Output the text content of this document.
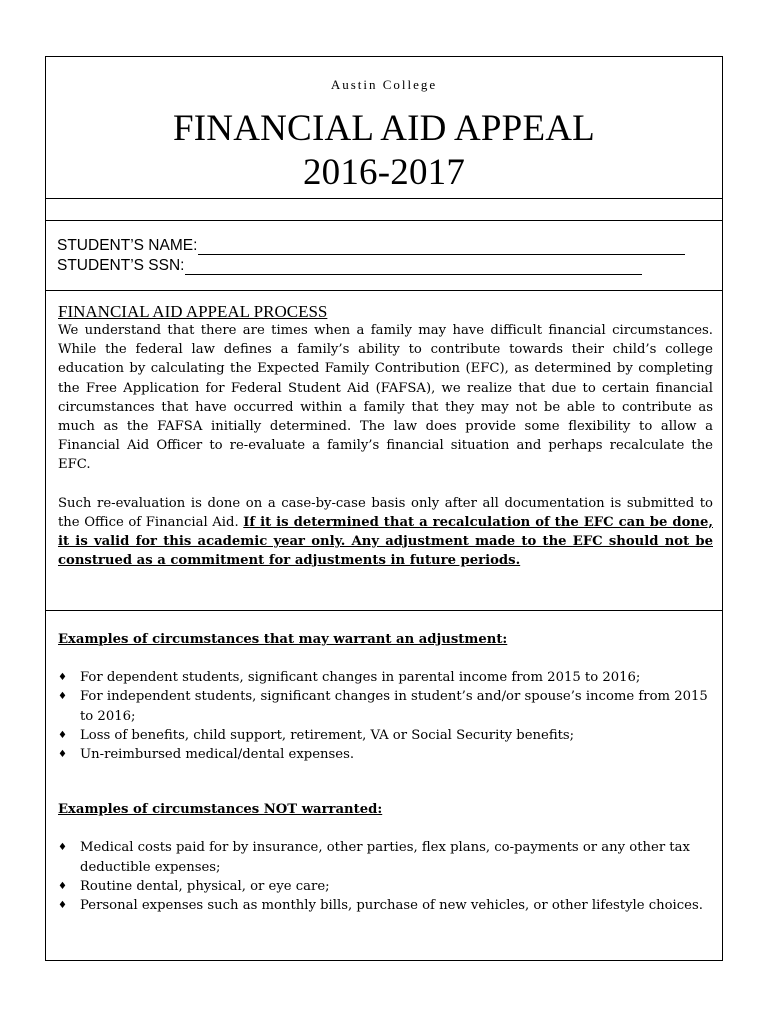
Austin College
FINANCIAL AID APPEAL
2016-2017
STUDENT’S NAME:
STUDENT’S SSN:
FINANCIAL AID APPEAL PROCESS

We understand that there are times when a family may have difficult financial circumstances. While the federal law defines a family’s ability to contribute towards their child’s college education by calculating the Expected Family Contribution (EFC), as determined by completing the Free Application for Federal Student Aid (FAFSA), we realize that due to certain financial circumstances that have occurred within a family that they may not be able to contribute as much as the FAFSA initially determined. The law does provide some flexibility to allow a Financial Aid Officer to re-evaluate a family’s financial situation and perhaps recalculate the EFC.

Such re-evaluation is done on a case-by-case basis only after all documentation is submitted to the Office of Financial Aid. If it is determined that a recalculation of the EFC can be done, it is valid for this academic year only. Any adjustment made to the EFC should not be construed as a commitment for adjustments in future periods.

Examples of circumstances that may warrant an adjustment:

♦ For dependent students, significant changes in parental income from 2015 to 2016;
♦ For independent students, significant changes in student’s and/or spouse’s income from 2015 to 2016;
♦ Loss of benefits, child support, retirement, VA or Social Security benefits;
♦ Un-reimbursed medical/dental expenses.

Examples of circumstances NOT warranted:

♦ Medical costs paid for by insurance, other parties, flex plans, co-payments or any other tax deductible expenses;
♦ Routine dental, physical, or eye care;
♦ Personal expenses such as monthly bills, purchase of new vehicles, or other lifestyle choices.
